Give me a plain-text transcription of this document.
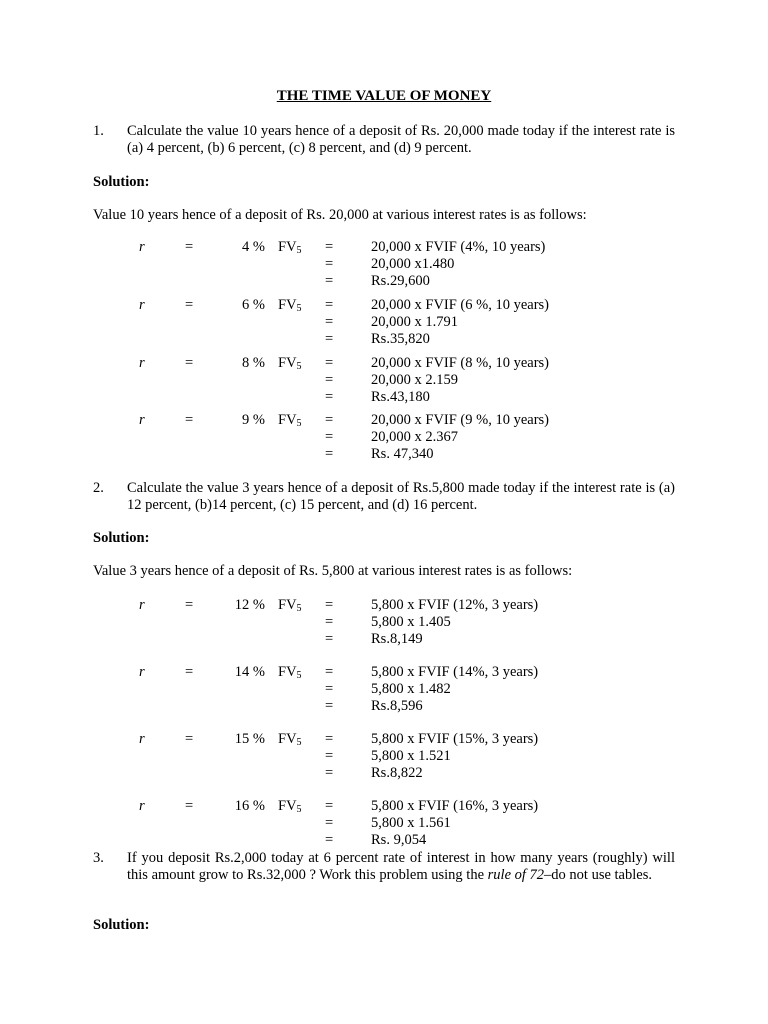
THE TIME VALUE OF MONEY
1. Calculate the value 10 years hence of a deposit of Rs. 20,000 made today if the interest rate is (a) 4 percent, (b) 6 percent, (c) 8 percent, and (d) 9 percent.
Solution:
Value 10 years hence of a deposit of Rs. 20,000 at various interest rates is as follows:
r	=	4 % $FV_5$ =	20,000 x FVIF (4%, 10 years)
=	20,000 x1.480
=	Rs.29,600
r	=	6 % $FV_5$ =	20,000 x FVIF (6 %, 10 years)
=	20,000 x 1.791
=	Rs.35,820
r	=	8 % $FV_5$ =	20,000 x FVIF (8 %, 10 years)
=	20,000 x 2.159
=	Rs.43,180
r	=	9 % $FV_5$ =	20,000 x FVIF (9 %, 10 years)
=	20,000 x 2.367
=	Rs. 47,340
2. Calculate the value 3 years hence of a deposit of Rs.5,800 made today if the interest rate is (a) 12 percent, (b)14 percent, (c) 15 percent, and (d) 16 percent.
Solution:
Value 3 years hence of a deposit of Rs. 5,800 at various interest rates is as follows:
r	=	12 % $FV_5$ =	5,800 x FVIF (12%, 3 years)
=	5,800 x 1.405
=	Rs.8,149
r	=	14 % $FV_5$ =	5,800 x FVIF (14%, 3 years)
=	5,800 x 1.482
=	Rs.8,596
r	=	15 % $FV_5$ =	5,800 x FVIF (15%, 3 years)
=	5,800 x 1.521
=	Rs.8,822
r	=	16 % $FV_5$ =	5,800 x FVIF (16%, 3 years)
=	5,800 x 1.561
=	Rs. 9,054
3. If you deposit Rs.2,000 today at 6 percent rate of interest in how many years (roughly) will this amount grow to Rs.32,000 ? Work this problem using the rule of 72–do not use tables.
Solution:
